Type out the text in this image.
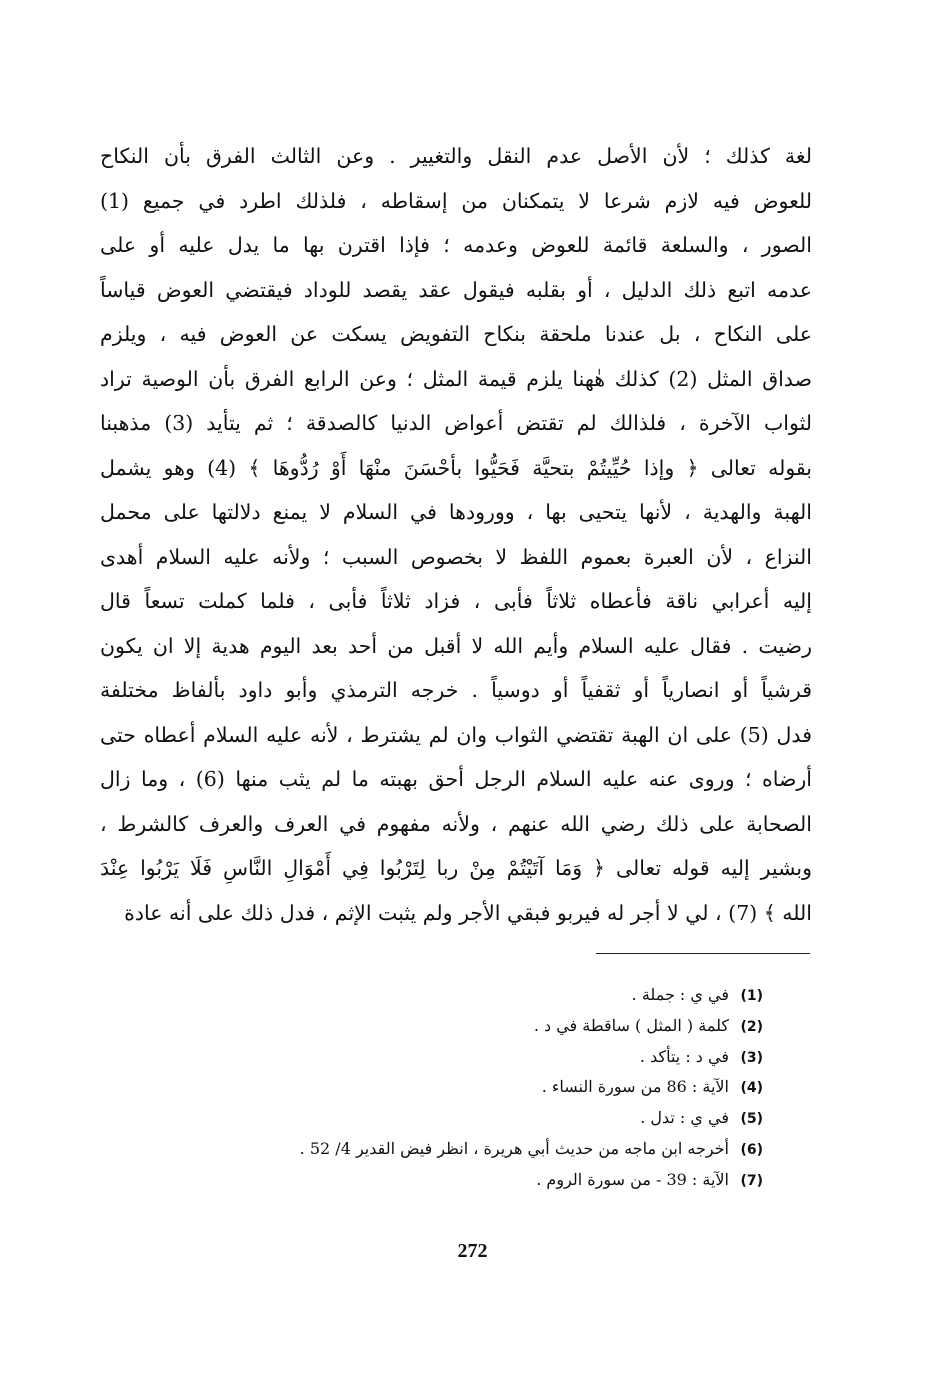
لغة كذلك ؛ لأن الأصل عدم النقل والتغيير . وعن الثالث الفرق بأن النكاح
للعوض فيه لازم شرعا لا يتمكنان من إسقاطه ، فلذلك اطرد في جميع (1)
الصور ، والسلعة قائمة للعوض وعدمه ؛ فإذا اقترن بها ما يدل عليه أو على
عدمه اتبع ذلك الدليل ، أو بقلبه فيقول عقد يقصد للوداد فيقتضي العوض قياساً
على النكاح ، بل عندنا ملحقة بنكاح التفويض يسكت عن العوض فيه ، ويلزم
صداق المثل (2) كذلك هٰهنا يلزم قيمة المثل ؛ وعن الرابع الفرق بأن الوصية تراد
لثواب الآخرة ، فلذالك لم تقتض أعواض الدنيا كالصدقة ؛ ثم يتأيد (3) مذهبنا
بقوله تعالى ﴿ وإذا حُيِّيتُمْ بتحيَّة فَحَيُّوا بأحْسَنَ منْهَا أَوْ رُدُّوهَا ﴾ (4) وهو يشمل
الهبة والهدية ، لأنها يتحيى بها ، وورودها في السلام لا يمنع دلالتها على محمل
النزاع ، لأن العبرة بعموم اللفظ لا بخصوص السبب ؛ ولأنه عليه السلام أهدى
إليه أعرابي ناقة فأعطاه ثلاثاً فأبى ، فزاد ثلاثاً فأبى ، فلما كملت تسعاً قال
رضيت . فقال عليه السلام وأيم الله لا أقبل من أحد بعد اليوم هدية إلا ان يكون
قرشياً أو انصارياً أو ثقفياً أو دوسياً . خرجه الترمذي وأبو داود بألفاظ مختلفة
فدل (5) على ان الهبة تقتضي الثواب وان لم يشترط ، لأنه عليه السلام أعطاه حتى
أرضاه ؛ وروى عنه عليه السلام الرجل أحق بهبته ما لم يثب منها (6) ، وما زال
الصحابة على ذلك رضي الله عنهم ، ولأنه مفهوم في العرف والعرف كالشرط ،
وبشير إليه قوله تعالى ﴿ وَمَا آتَيْتُمْ مِنْ ربا لِتَرْبُوا فِي أَمْوَالِ النَّاسِ فَلَا يَرْبُوا عِنْدَ
الله ﴾ (7) ، لي لا أجر له فيربو فبقي الأجر ولم يثبت الإثم ، فدل ذلك على أنه عادة
(1)في ي : جملة .
(2)كلمة ( المثل ) ساقطة في د .
(3)في د : يتأكد .
(4)الآية : 86 من سورة النساء .
(5)في ي : تدل .
(6)أخرجه ابن ماجه من حديث أبي هريرة ، انظر فيض القدير 4/ 52 .
(7)الآية : 39 - من سورة الروم .
272
